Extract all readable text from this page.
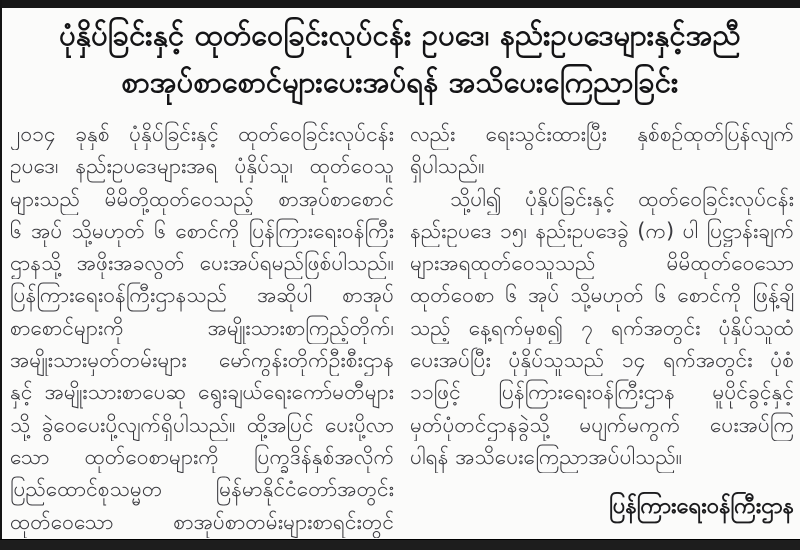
ပုံနှိပ်ခြင်းနှင့် ထုတ်ဝေခြင်းလုပ်ငန်း ဥပဒေ၊ နည်းဥပဒေများနှင့်အညီ
စာအုပ်စာစောင်များပေးအပ်ရန် အသိပေးကြေညာခြင်း
၂၀၁၄ ခုနှစ် ပုံနှိပ်ခြင်းနှင့် ထုတ်ဝေခြင်းလုပ်ငန်း
ဥပဒေ၊ နည်းဥပဒေများအရ ပုံနှိပ်သူ၊ ထုတ်ဝေသူ
များသည် မိမိတို့ထုတ်ဝေသည့် စာအုပ်စာစောင်
၆ အုပ် သို့မဟုတ် ၆ စောင်ကို ပြန်ကြားရေးဝန်ကြီး
ဌာနသို့ အဖိုးအခလွတ် ပေးအပ်ရမည်ဖြစ်ပါသည်။
ပြန်ကြားရေးဝန်ကြီးဌာနသည် အဆိုပါ စာအုပ်
စာစောင်များကို အမျိုးသားစာကြည့်တိုက်၊
အမျိုးသားမှတ်တမ်းများ မော်ကွန်းတိုက်ဦးစီးဌာန
နှင့် အမျိုးသားစာပေဆု ရွေးချယ်ရေးကော်မတီများ
သို့ ခွဲဝေပေးပို့လျက်ရှိပါသည်။ ထို့အပြင် ပေးပို့လာ
သော ထုတ်ဝေစာများကို ပြက္ခဒိန်နှစ်အလိုက်
ပြည်ထောင်စုသမ္မတ မြန်မာနိုင်ငံတော်အတွင်း
ထုတ်ဝေသော စာအုပ်စာတမ်းများစာရင်းတွင်
လည်း ရေးသွင်းထားပြီး နှစ်စဉ်ထုတ်ပြန်လျက်
ရှိပါသည်။
သို့ပါ၍ ပုံနှိပ်ခြင်းနှင့် ထုတ်ဝေခြင်းလုပ်ငန်း
နည်းဥပဒေ ၁၅၊ နည်းဥပဒေခွဲ (က) ပါ ပြဋ္ဌာန်းချက်
များအရထုတ်ဝေသူသည် မိမိထုတ်ဝေသော
ထုတ်ဝေစာ ၆ အုပ် သို့မဟုတ် ၆ စောင်ကို ဖြန့်ချိ
သည့် နေ့ရက်မှစ၍ ၇ ရက်အတွင်း ပုံနှိပ်သူထံ
ပေးအပ်ပြီး ပုံနှိပ်သူသည် ၁၄ ရက်အတွင်း ပုံစံ
၁၁ဖြင့် ပြန်ကြားရေးဝန်ကြီးဌာန မူပိုင်ခွင့်နှင့်
မှတ်ပုံတင်ဌာနခွဲသို့ မပျက်မကွက် ပေးအပ်ကြ
ပါရန် အသိပေးကြေညာအပ်ပါသည်။
ပြန်ကြားရေးဝန်ကြီးဌာန
